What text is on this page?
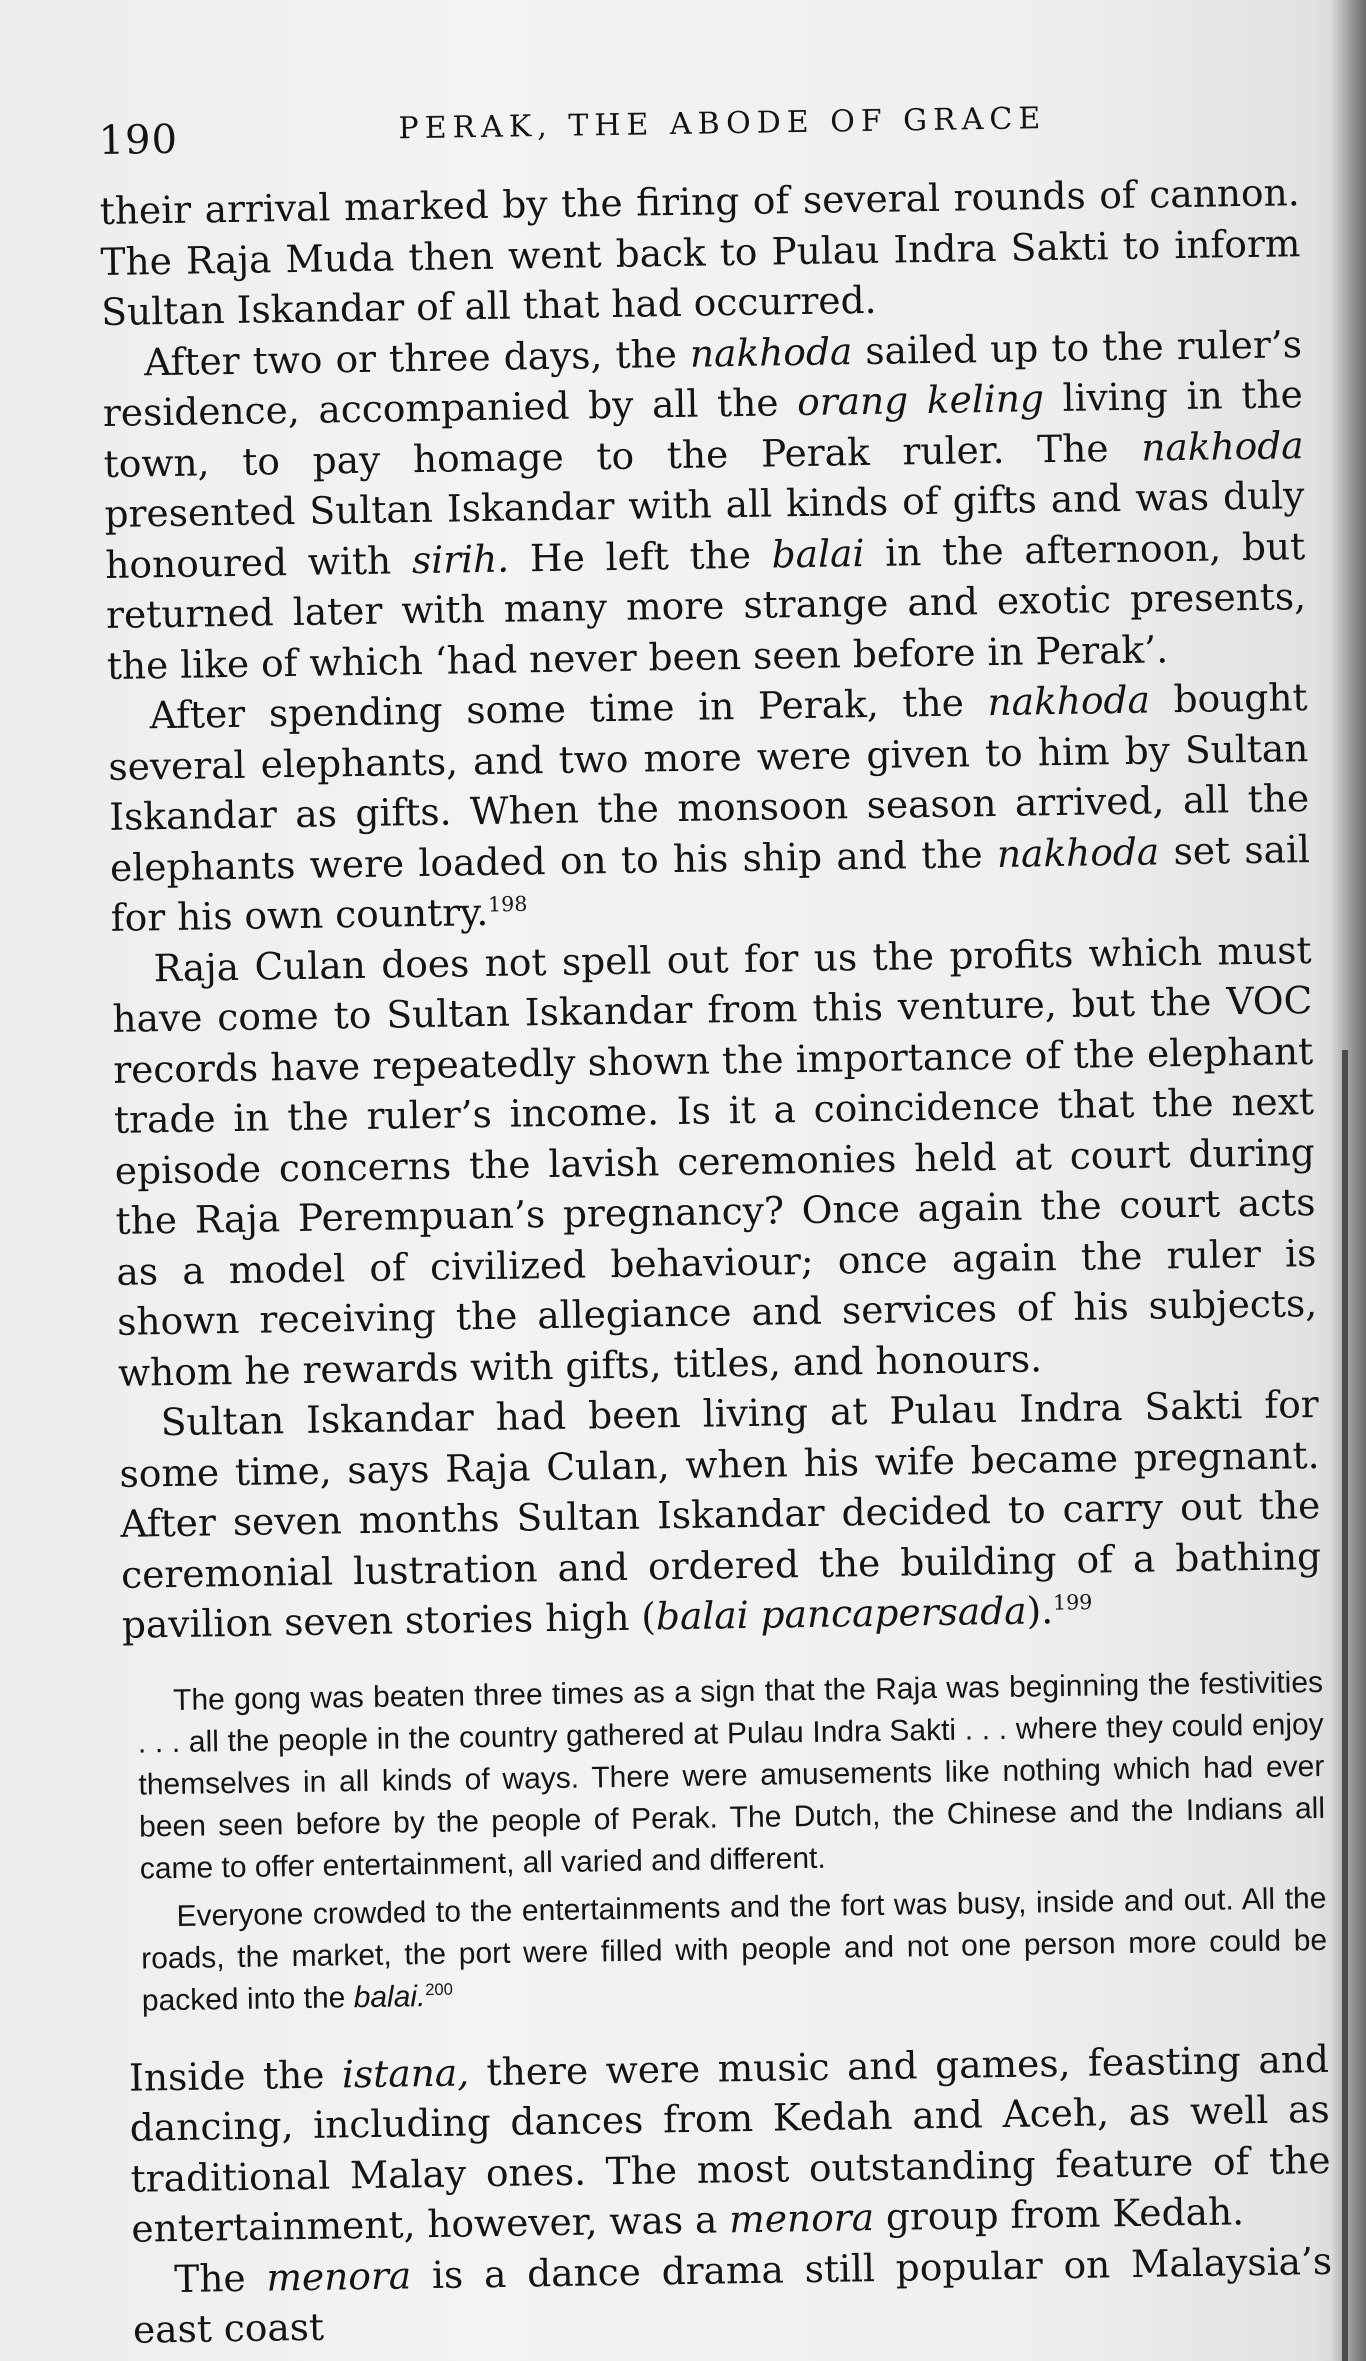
190	PERAK, THE ABODE OF GRACE

their arrival marked by the firing of several rounds of cannon. The Raja Muda then went back to Pulau Indra Sakti to inform Sultan Iskandar of all that had occurred.

After two or three days, the nakhoda sailed up to the ruler’s residence, accompanied by all the orang keling living in the town, to pay homage to the Perak ruler. The nakhoda presented Sultan Iskandar with all kinds of gifts and was duly honoured with sirih. He left the balai in the afternoon, but returned later with many more strange and exotic presents, the like of which ‘had never been seen before in Perak’.

After spending some time in Perak, the nakhoda bought several elephants, and two more were given to him by Sultan Iskandar as gifts. When the monsoon season arrived, all the elephants were loaded on to his ship and the nakhoda set sail for his own country.$^{198}$

Raja Culan does not spell out for us the profits which must have come to Sultan Iskandar from this venture, but the VOC records have repeatedly shown the importance of the elephant trade in the ruler’s income. Is it a coincidence that the next episode concerns the lavish ceremonies held at court during the Raja Perempuan’s pregnancy? Once again the court acts as a model of civilized behaviour; once again the ruler is shown receiving the allegiance and services of his subjects, whom he rewards with gifts, titles, and honours.

Sultan Iskandar had been living at Pulau Indra Sakti for some time, says Raja Culan, when his wife became pregnant. After seven months Sultan Iskandar decided to carry out the ceremonial lustration and ordered the building of a bathing pavilion seven stories high (balai pancapersada).$^{199}$

The gong was beaten three times as a sign that the Raja was beginning the festivities . . . all the people in the country gathered at Pulau Indra Sakti . . . where they could enjoy themselves in all kinds of ways. There were amusements like nothing which had ever been seen before by the people of Perak. The Dutch, the Chinese and the Indians all came to offer entertainment, all varied and different.

Everyone crowded to the entertainments and the fort was busy, inside and out. All the roads, the market, the port were filled with people and not one person more could be packed into the balai.$^{200}$

Inside the istana, there were music and games, feasting and dancing, including dances from Kedah and Aceh, as well as traditional Malay ones. The most outstanding feature of the entertainment, however, was a menora group from Kedah.

The menora is a dance drama still popular on Malaysia’s east coast
